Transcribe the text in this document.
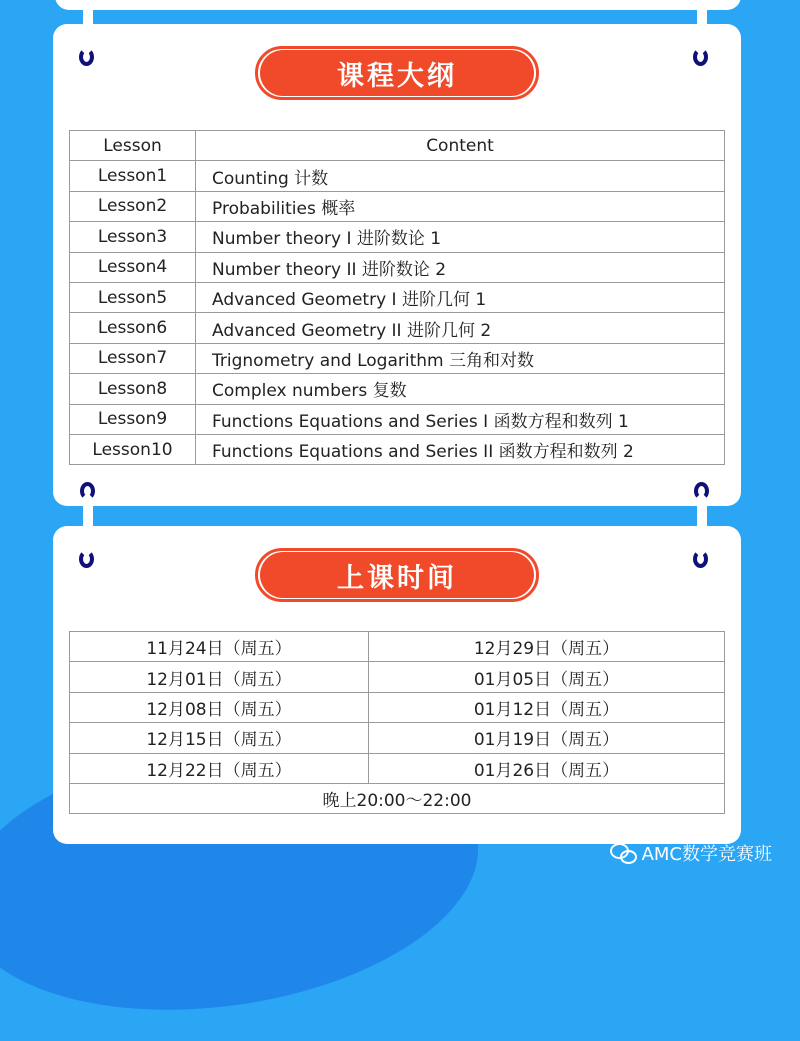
课程大纲
Lesson	Content
Lesson1	Counting 计数
Lesson2	Probabilities 概率
Lesson3	Number theory I 进阶数论 1
Lesson4	Number theory II 进阶数论 2
Lesson5	Advanced Geometry I 进阶几何 1
Lesson6	Advanced Geometry II 进阶几何 2
Lesson7	Trignometry and Logarithm 三角和对数
Lesson8	Complex numbers 复数
Lesson9	Functions Equations and Series I 函数方程和数列 1
Lesson10	Functions Equations and Series II 函数方程和数列 2
上课时间
11月24日（周五）	12月29日（周五）
12月01日（周五）	01月05日（周五）
12月08日（周五）	01月12日（周五）
12月15日（周五）	01月19日（周五）
12月22日（周五）	01月26日（周五）
晚上20:00～22:00	
AMC数学竞赛班
